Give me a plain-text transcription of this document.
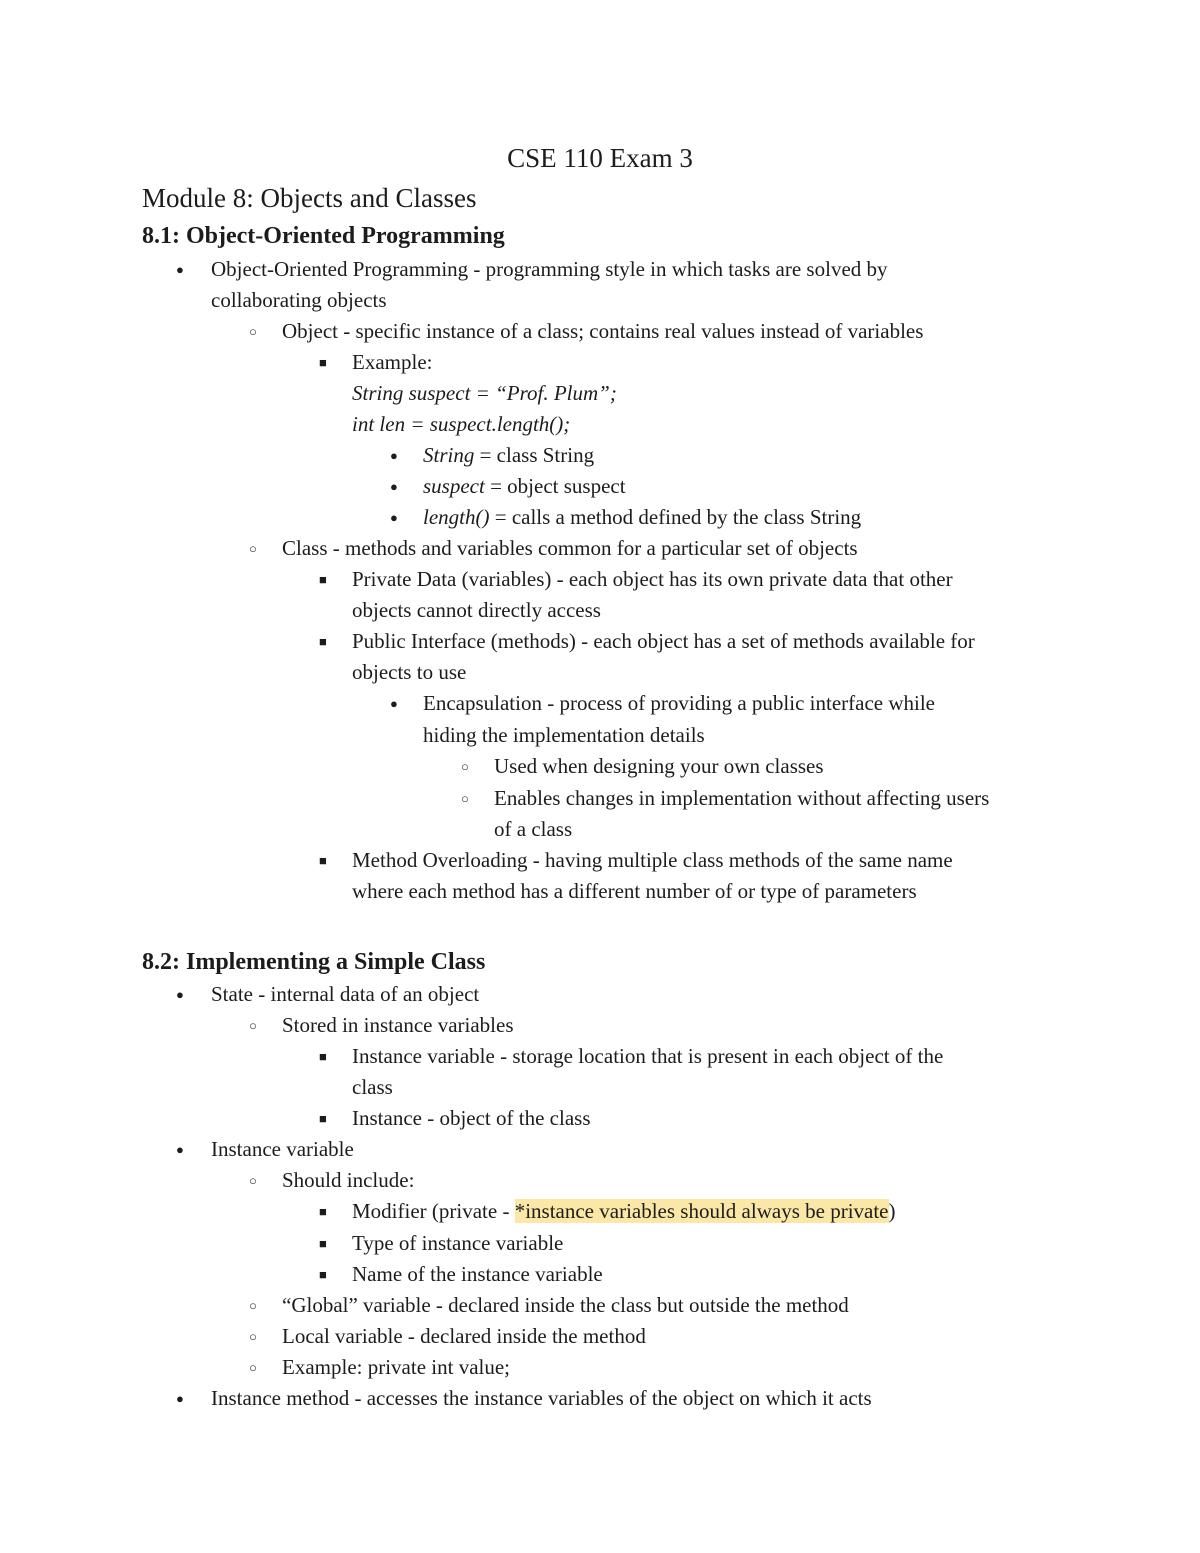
CSE 110 Exam 3
Module 8: Objects and Classes
8.1: Object-Oriented Programming
●
Object-Oriented Programming - programming style in which tasks are solved by
collaborating objects
○
Object - specific instance of a class; contains real values instead of variables
■
Example:
String suspect = “Prof. Plum”;
int len = suspect.length();
●
String = class String
●
suspect = object suspect
●
length() = calls a method defined by the class String
○
Class - methods and variables common for a particular set of objects
■
Private Data (variables) - each object has its own private data that other
objects cannot directly access
■
Public Interface (methods) - each object has a set of methods available for
objects to use
●
Encapsulation - process of providing a public interface while
hiding the implementation details
○
Used when designing your own classes
○
Enables changes in implementation without affecting users
of a class
■
Method Overloading - having multiple class methods of the same name
where each method has a different number of or type of parameters
8.2: Implementing a Simple Class
●
State - internal data of an object
○
Stored in instance variables
■
Instance variable - storage location that is present in each object of the
class
■
Instance - object of the class
●
Instance variable
○
Should include:
■
Modifier (private - *instance variables should always be private)
■
Type of instance variable
■
Name of the instance variable
○
“Global” variable - declared inside the class but outside the method
○
Local variable - declared inside the method
○
Example: private int value;
●
Instance method - accesses the instance variables of the object on which it acts
